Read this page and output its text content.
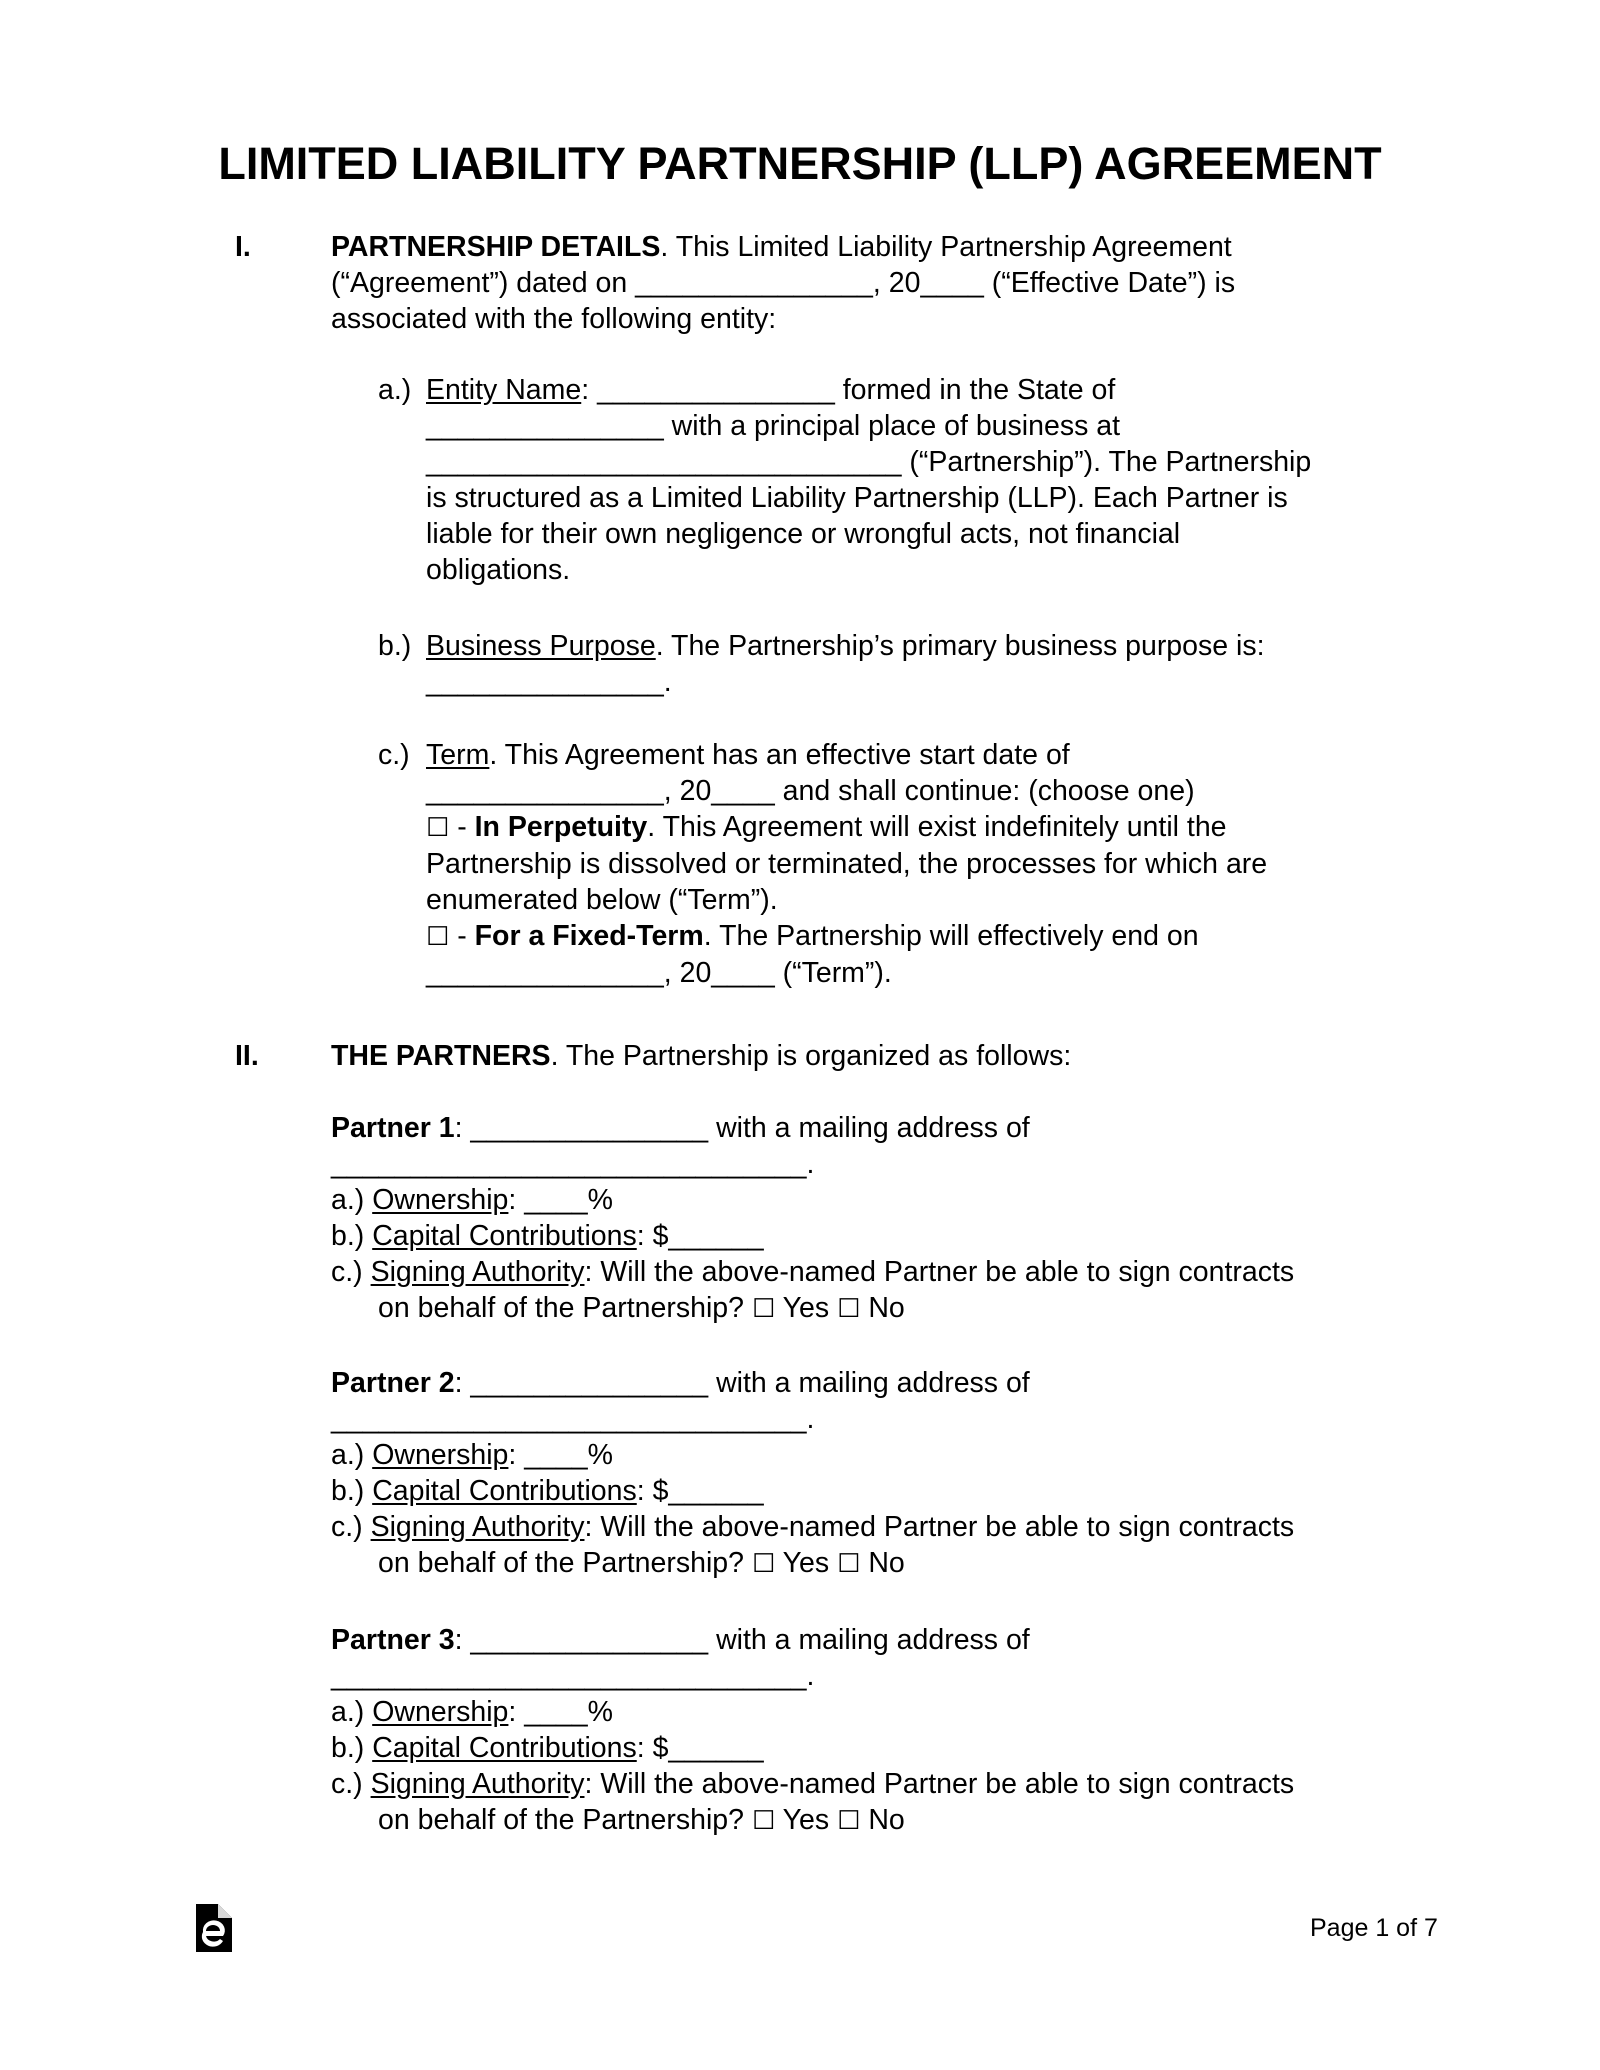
LIMITED LIABILITY PARTNERSHIP (LLP) AGREEMENT
I.	PARTNERSHIP DETAILS. This Limited Liability Partnership Agreement
(“Agreement”) dated on _______________, 20____ (“Effective Date”) is
associated with the following entity:
a.) Entity Name: _______________ formed in the State of
_______________ with a principal place of business at
______________________________ (“Partnership”). The Partnership
is structured as a Limited Liability Partnership (LLP). Each Partner is
liable for their own negligence or wrongful acts, not financial
obligations.
b.) Business Purpose. The Partnership’s primary business purpose is:
_______________.
c.) Term. This Agreement has an effective start date of
_______________, 20____ and shall continue: (choose one)
☐ - In Perpetuity. This Agreement will exist indefinitely until the
Partnership is dissolved or terminated, the processes for which are
enumerated below (“Term”).
☐ - For a Fixed-Term. The Partnership will effectively end on
_______________, 20____ (“Term”).
II.	THE PARTNERS. The Partnership is organized as follows:
Partner 1: _______________ with a mailing address of
______________________________.
a.) Ownership: ____%
b.) Capital Contributions: $______
c.) Signing Authority: Will the above-named Partner be able to sign contracts
on behalf of the Partnership? ☐ Yes ☐ No
Partner 2: _______________ with a mailing address of
______________________________.
a.) Ownership: ____%
b.) Capital Contributions: $______
c.) Signing Authority: Will the above-named Partner be able to sign contracts
on behalf of the Partnership? ☐ Yes ☐ No
Partner 3: _______________ with a mailing address of
______________________________.
a.) Ownership: ____%
b.) Capital Contributions: $______
c.) Signing Authority: Will the above-named Partner be able to sign contracts
on behalf of the Partnership? ☐ Yes ☐ No
Page 1 of 7
